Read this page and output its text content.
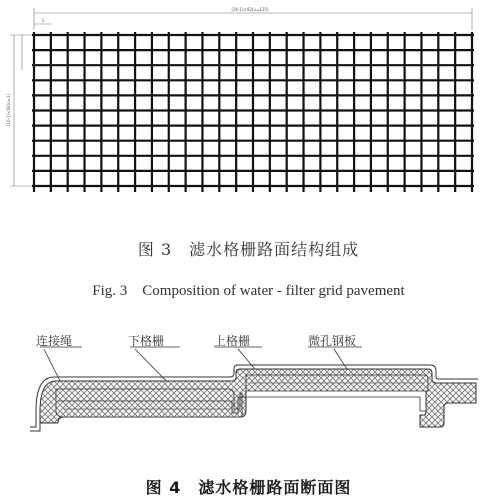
(26-1)×92(u=125)
1
(10-1)×92(u=1)
图 3　滤水格栅路面结构组成
Fig. 3　Composition of water - filter grid pavement
连接绳	下格栅	上格栅	微孔钢板
图 4　滤水格栅路面断面图
